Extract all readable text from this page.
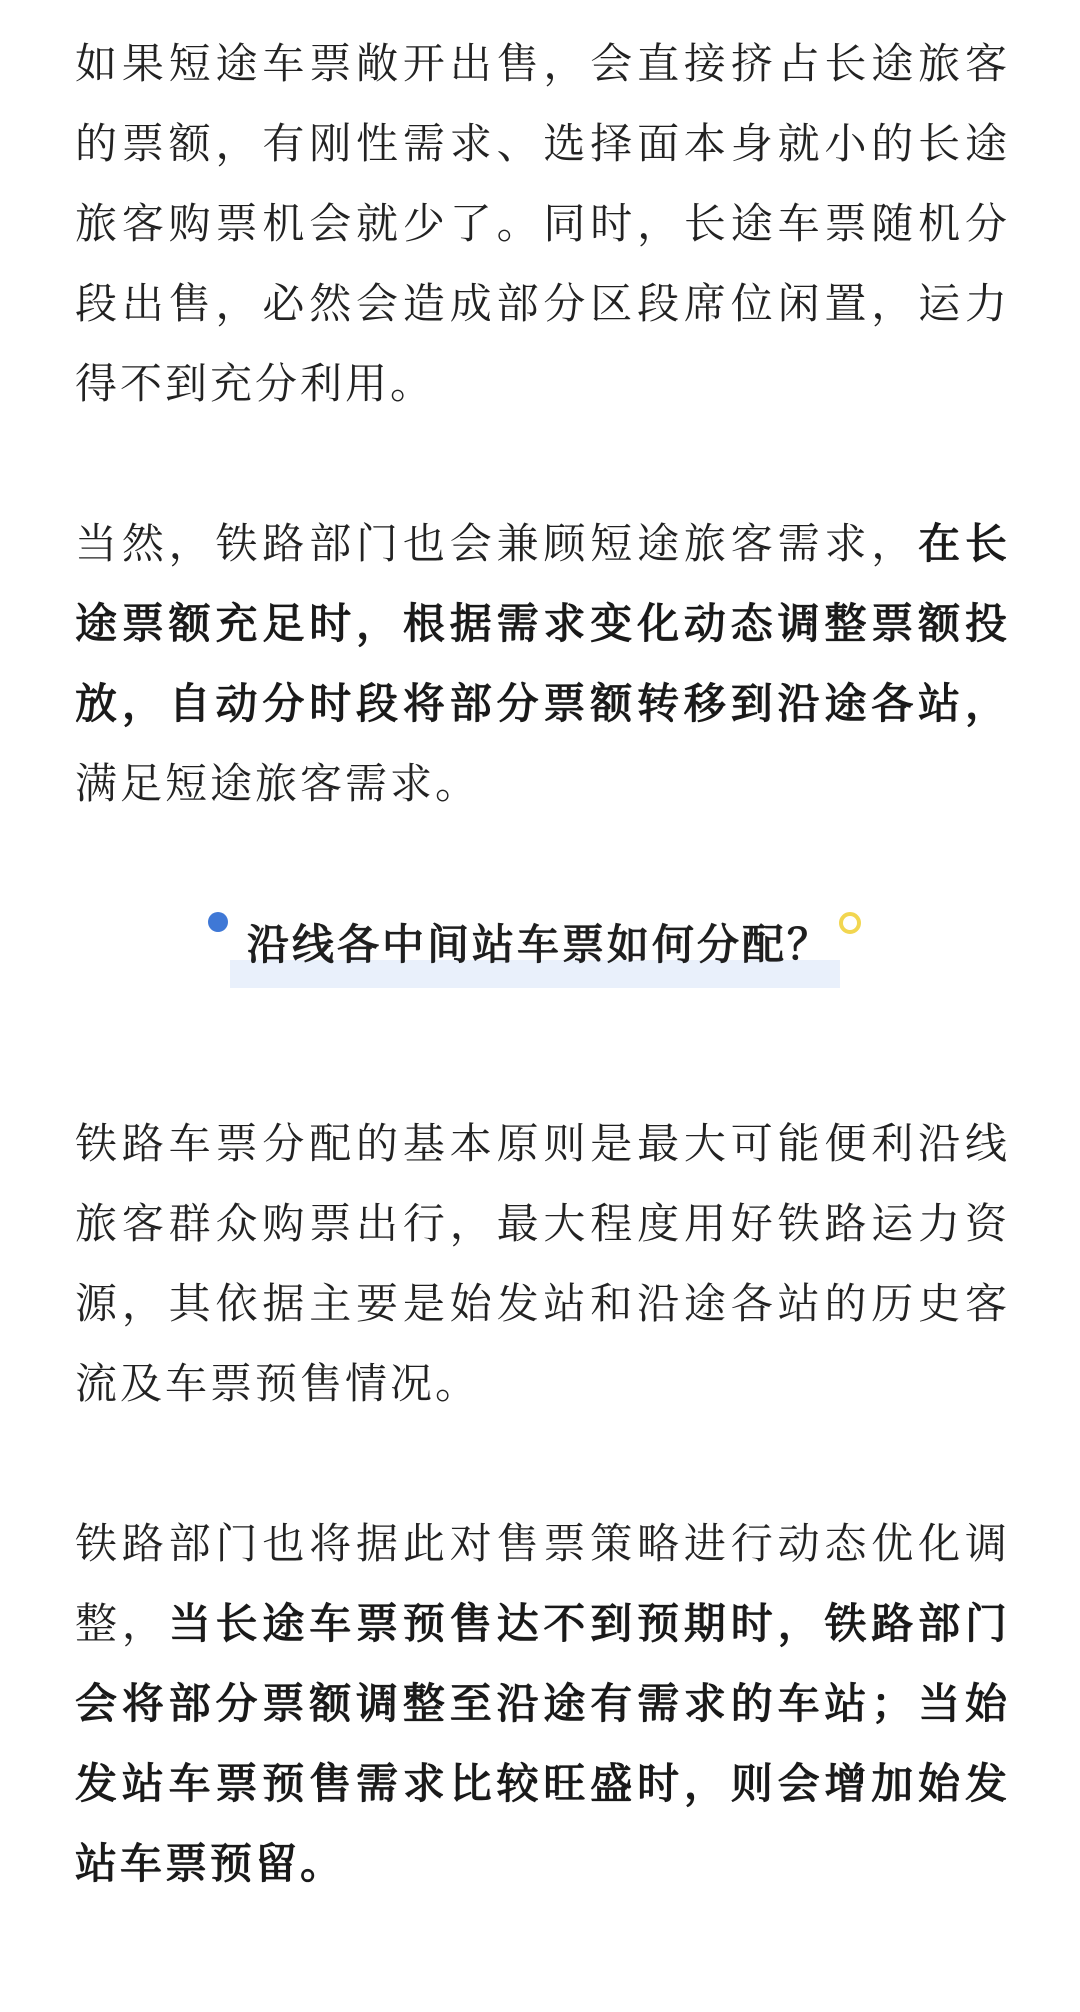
如果短途车票敞开出售，会直接挤占长途旅客的票额，有刚性需求、选择面本身就小的长途旅客购票机会就少了。同时，长途车票随机分段出售，必然会造成部分区段席位闲置，运力得不到充分利用。

当然，铁路部门也会兼顾短途旅客需求，在长途票额充足时，根据需求变化动态调整票额投放，自动分时段将部分票额转移到沿途各站，满足短途旅客需求。

沿线各中间站车票如何分配？

铁路车票分配的基本原则是最大可能便利沿线旅客群众购票出行，最大程度用好铁路运力资源，其依据主要是始发站和沿途各站的历史客流及车票预售情况。

铁路部门也将据此对售票策略进行动态优化调整，当长途车票预售达不到预期时，铁路部门会将部分票额调整至沿途有需求的车站；当始发站车票预售需求比较旺盛时，则会增加始发站车票预留。
